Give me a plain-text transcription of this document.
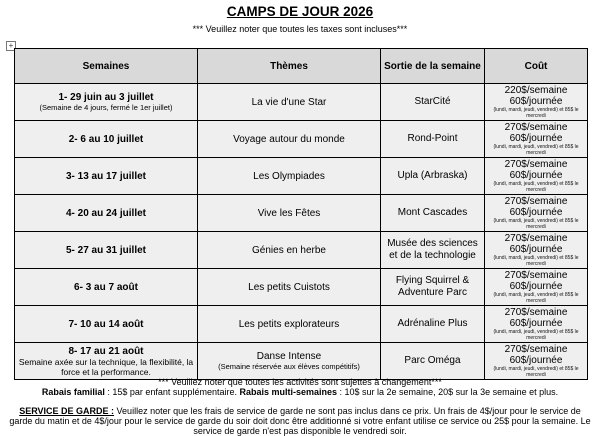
CAMPS DE JOUR 2026
*** Veuillez noter que toutes les taxes sont incluses***
+
Semaines	Thèmes	Sortie de la semaine	Coût
1- 29 juin au 3 juillet
(Semaine de 4 jours, fermé le 1er juillet)	La vie d'une Star	StarCité	220$/semaine
60$/journée
(lundi, mardi, jeudi, vendredi) et 85$ le mercredi

2- 6 au 10 juillet	Voyage autour du monde	Rond-Point	270$/semaine
60$/journée
(lundi, mardi, jeudi, vendredi) et 85$ le mercredi

3- 13 au 17 juillet	Les Olympiades	Upla (Arbraska)	270$/semaine
60$/journée
(lundi, mardi, jeudi, vendredi) et 85$ le mercredi

4- 20 au 24 juillet	Vive les Fêtes	Mont Cascades	270$/semaine
60$/journée
(lundi, mardi, jeudi, vendredi) et 85$ le mercredi

5- 27 au 31 juillet	Génies en herbe	Musée des sciences et de la technologie	270$/semaine
60$/journée
(lundi, mardi, jeudi, vendredi) et 85$ le mercredi

6- 3 au 7 août	Les petits Cuistots	Flying Squirrel & Adventure Parc	270$/semaine
60$/journée
(lundi, mardi, jeudi, vendredi) et 85$ le mercredi

7- 10 au 14 août	Les petits explorateurs	Adrénaline Plus	270$/semaine
60$/journée
(lundi, mardi, jeudi, vendredi) et 85$ le mercredi

8- 17 au 21 août
Semaine axée sur la technique, la flexibilité, la force et la performance.	Danse Intense
(Semaine réservée aux élèves compétitifs)	Parc Oméga	270$/semaine
60$/journée
(lundi, mardi, jeudi, vendredi) et 85$ le mercredi
*** Veuillez noter que toutes les activités sont sujettes à changement***
Rabais familial : 15$ par enfant supplémentaire. Rabais multi-semaines : 10$ sur la 2e semaine, 20$ sur la 3e semaine et plus.
SERVICE DE GARDE : Veuillez noter que les frais de service de garde ne sont pas inclus dans ce prix. Un frais de 4$/jour pour le service de garde du matin et de 4$/jour pour le service de garde du soir doit donc être additionné si votre enfant utilise ce service ou 25$ pour la semaine. Le service de garde n'est pas disponible le vendredi soir.
